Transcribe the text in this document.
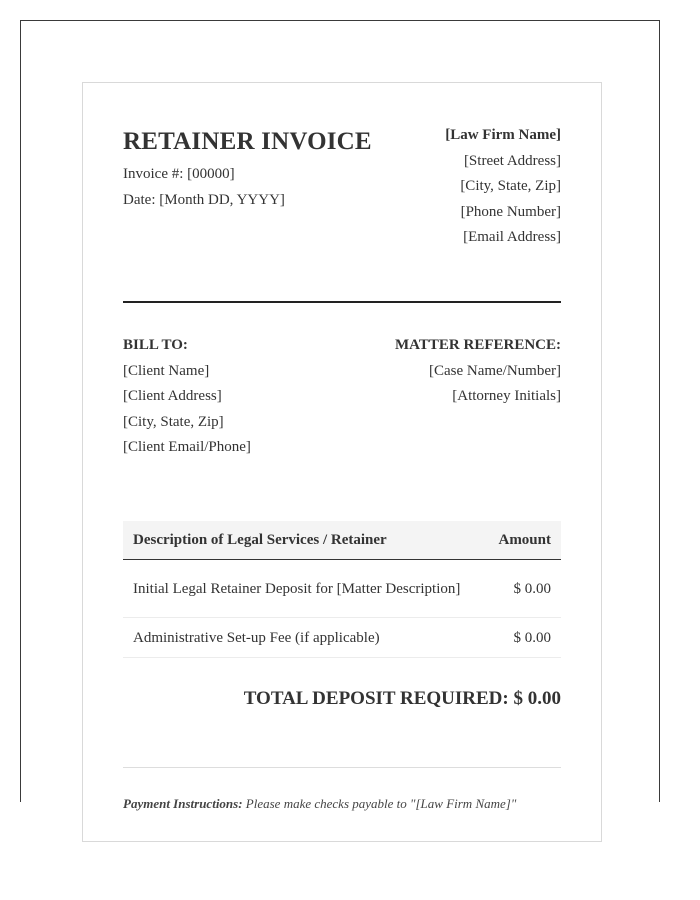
RETAINER INVOICE
Invoice #: [00000]
Date: [Month DD, YYYY]
[Law Firm Name]
[Street Address]
[City, State, Zip]
[Phone Number]
[Email Address]
BILL TO:
[Client Name]
[Client Address]
[City, State, Zip]
[Client Email/Phone]
MATTER REFERENCE:
[Case Name/Number]
[Attorney Initials]
Description of Legal Services / Retainer	Amount
Initial Legal Retainer Deposit for [Matter Description]	$ 0.00
Administrative Set-up Fee (if applicable)	$ 0.00
TOTAL DEPOSIT REQUIRED: $ 0.00
Payment Instructions: Please make checks payable to "[Law Firm Name]"
